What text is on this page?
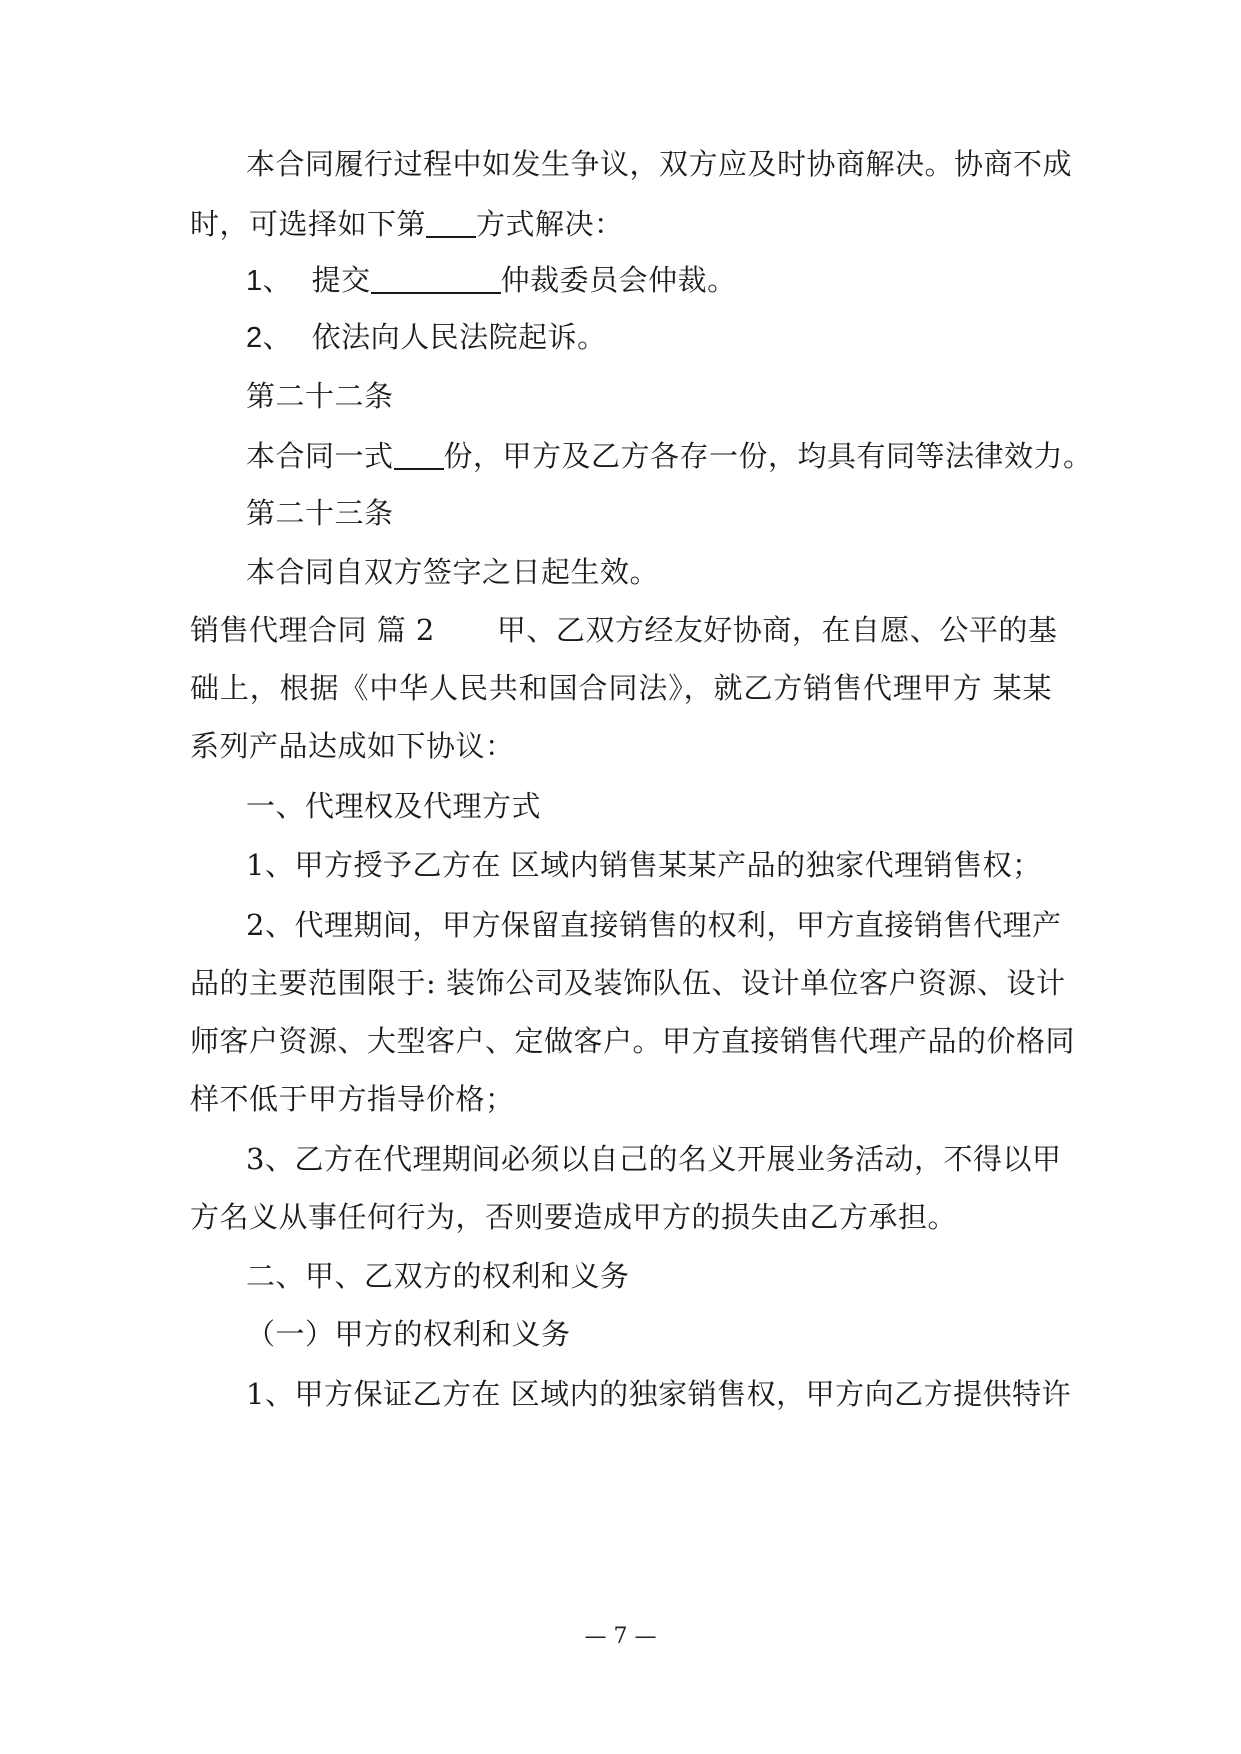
本合同履行过程中如发生争议，双方应及时协商解决。协商不成
时，可选择如下第 方式解决：
1、 提交	仲裁委员会仲裁。
2、 依法向人民法院起诉。
第二十二条
本合同一式 份，甲方及乙方各存一份，均具有同等法律效力。
第二十三条
本合同自双方签字之日起生效。
销售代理合同 篇 2 甲、乙双方经友好协商，在自愿、公平的基
础上，根据《中华人民共和国合同法》，就乙方销售代理甲方 某某
系列产品达成如下协议：
一、代理权及代理方式
1、甲方授予乙方在 区域内销售某某产品的独家代理销售权；
2、代理期间，甲方保留直接销售的权利，甲方直接销售代理产
品的主要范围限于: 装饰公司及装饰队伍、设计单位客户资源、设计
师客户资源、大型客户、定做客户。甲方直接销售代理产品的价格同
样不低于甲方指导价格；
3、乙方在代理期间必须以自己的名义开展业务活动，不得以甲
方名义从事任何行为，否则要造成甲方的损失由乙方承担。
二、甲、乙双方的权利和义务
（一）甲方的权利和义务
1、甲方保证乙方在 区域内的独家销售权，甲方向乙方提供特许
— 7 —
